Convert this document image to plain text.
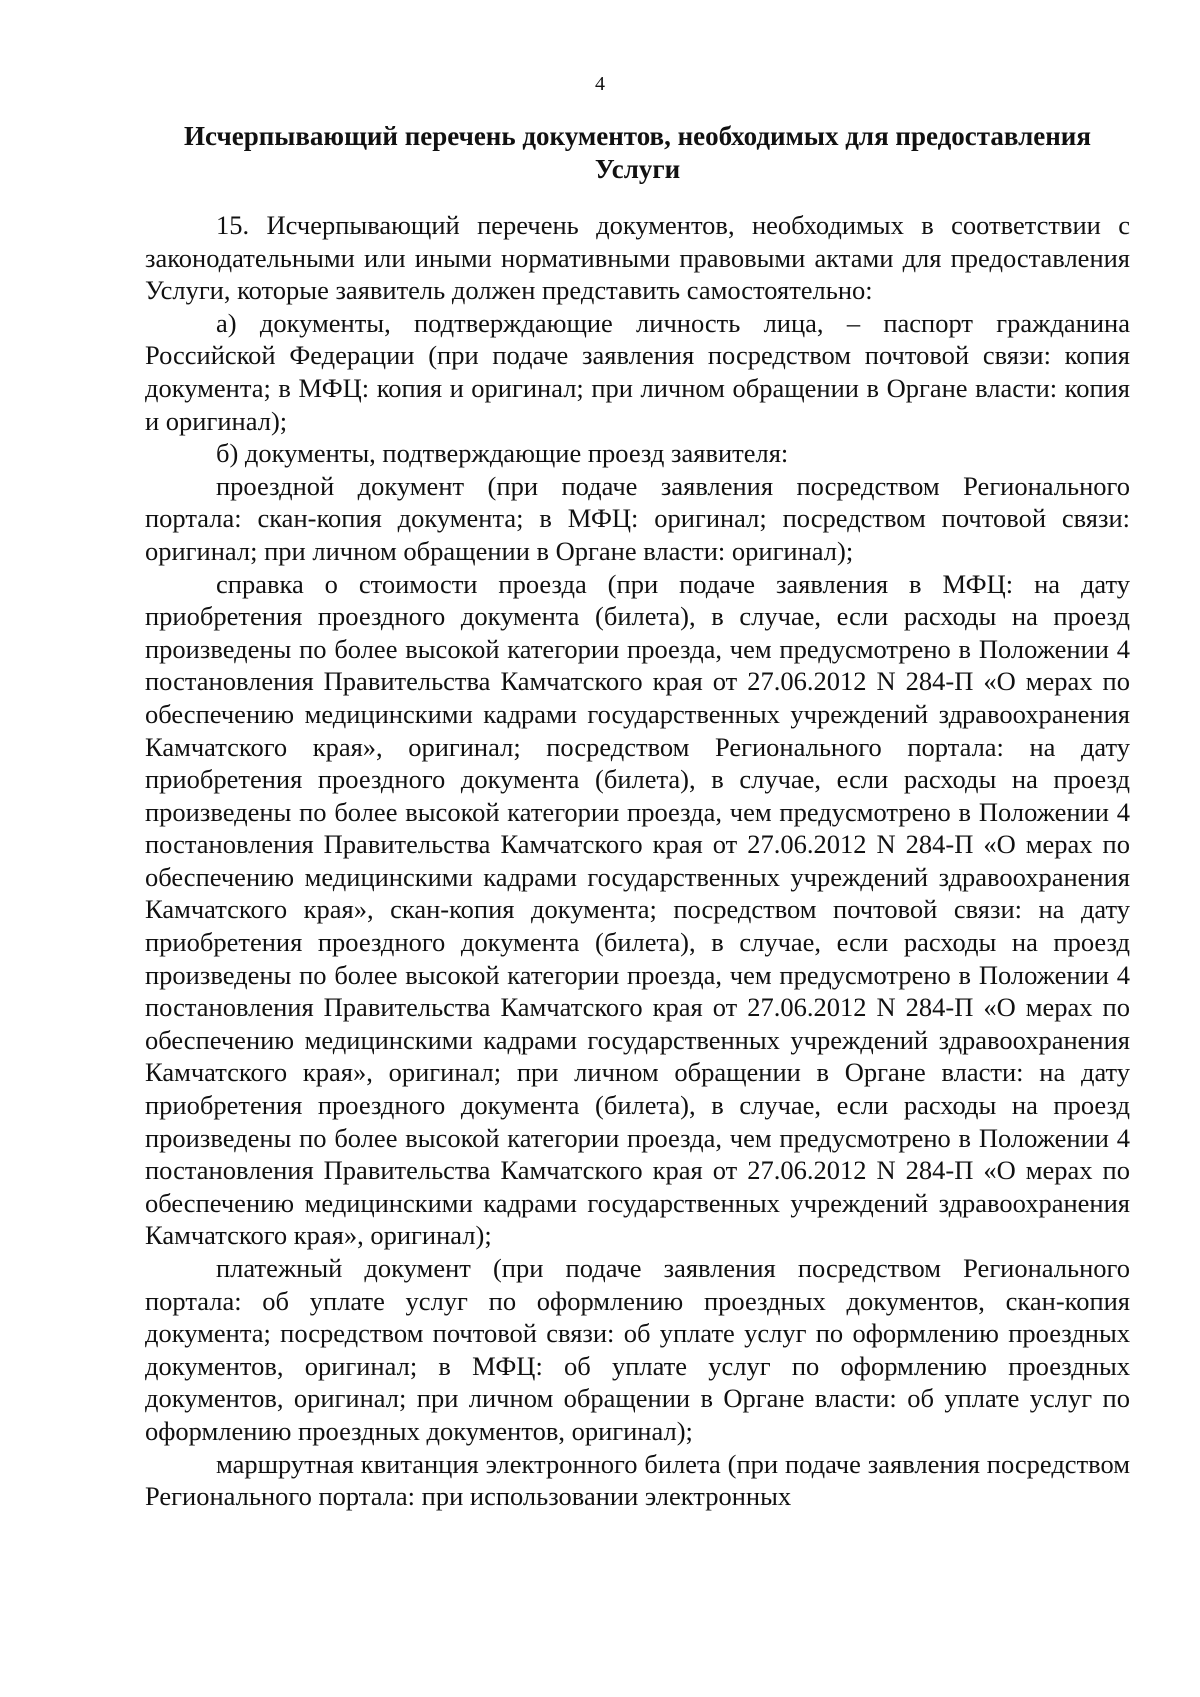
4
Исчерпывающий перечень документов, необходимых для предоставления Услуги

15. Исчерпывающий перечень документов, необходимых в соответствии с законодательными или иными нормативными правовыми актами для предоставления Услуги, которые заявитель должен представить самостоятельно:

а) документы, подтверждающие личность лица, – паспорт гражданина Российской Федерации (при подаче заявления посредством почтовой связи: копия документа; в МФЦ: копия и оригинал; при личном обращении в Органе власти: копия и оригинал);

б) документы, подтверждающие проезд заявителя:

проездной документ (при подаче заявления посредством Регионального портала: скан-копия документа; в МФЦ: оригинал; посредством почтовой связи: оригинал; при личном обращении в Органе власти: оригинал);

справка о стоимости проезда (при подаче заявления в МФЦ: на дату приобретения проездного документа (билета), в случае, если расходы на проезд произведены по более высокой категории проезда, чем предусмотрено в Положении 4 постановления Правительства Камчатского края от 27.06.2012 N 284-П «О мерах по обеспечению медицинскими кадрами государственных учреждений здравоохранения Камчатского края», оригинал; посредством Регионального портала: на дату приобретения проездного документа (билета), в случае, если расходы на проезд произведены по более высокой категории проезда, чем предусмотрено в Положении 4 постановления Правительства Камчатского края от 27.06.2012 N 284-П «О мерах по обеспечению медицинскими кадрами государственных учреждений здравоохранения Камчатского края», скан-копия документа; посредством почтовой связи: на дату приобретения проездного документа (билета), в случае, если расходы на проезд произведены по более высокой категории проезда, чем предусмотрено в Положении 4 постановления Правительства Камчатского края от 27.06.2012 N 284-П «О мерах по обеспечению медицинскими кадрами государственных учреждений здравоохранения Камчатского края», оригинал; при личном обращении в Органе власти: на дату приобретения проездного документа (билета), в случае, если расходы на проезд произведены по более высокой категории проезда, чем предусмотрено в Положении 4 постановления Правительства Камчатского края от 27.06.2012 N 284-П «О мерах по обеспечению медицинскими кадрами государственных учреждений здравоохранения Камчатского края», оригинал);

платежный документ (при подаче заявления посредством Регионального портала: об уплате услуг по оформлению проездных документов, скан-копия документа; посредством почтовой связи: об уплате услуг по оформлению проездных документов, оригинал; в МФЦ: об уплате услуг по оформлению проездных документов, оригинал; при личном обращении в Органе власти: об уплате услуг по оформлению проездных документов, оригинал);

маршрутная квитанция электронного билета (при подаче заявления посредством Регионального портала: при использовании электронных
